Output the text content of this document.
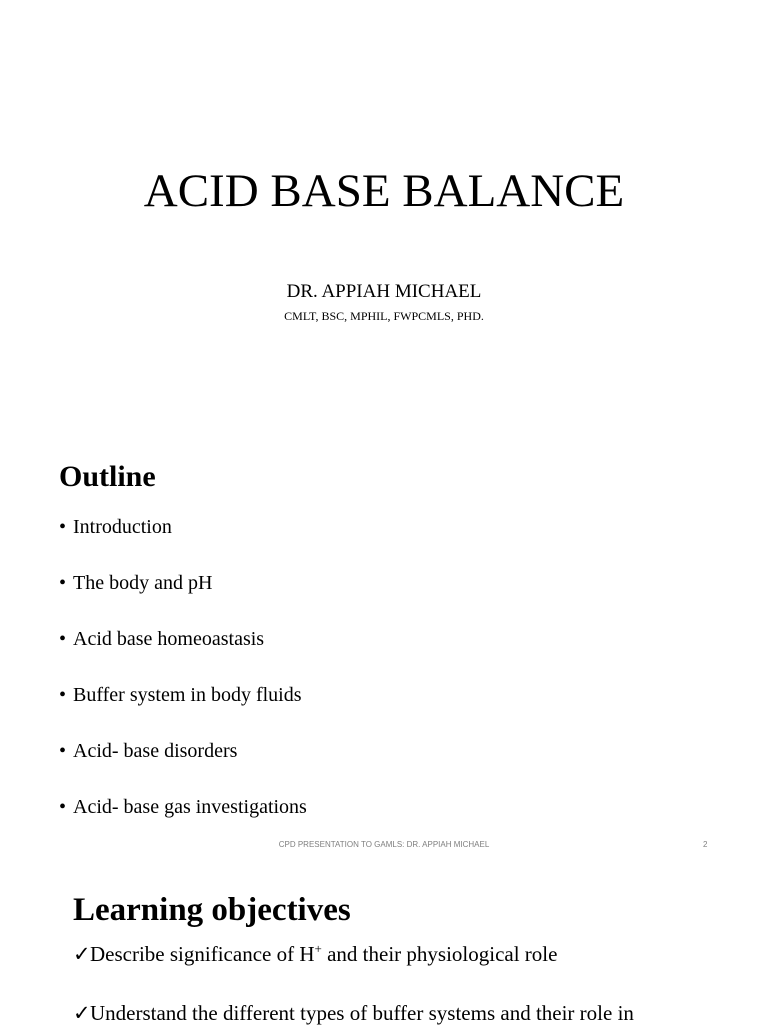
ACID BASE BALANCE
DR. APPIAH MICHAEL
CMLT, BSC, MPHIL, FWPCMLS, PHD.
Outline
• Introduction
• The body and pH
• Acid base homeoastasis
• Buffer system in body fluids
• Acid- base disorders
• Acid- base gas investigations
CPD PRESENTATION TO GAMLS: DR. APPIAH MICHAEL	2
Learning objectives
✓Describe significance of H+ and their physiological role
✓Understand the different types of buffer systems and their role in
